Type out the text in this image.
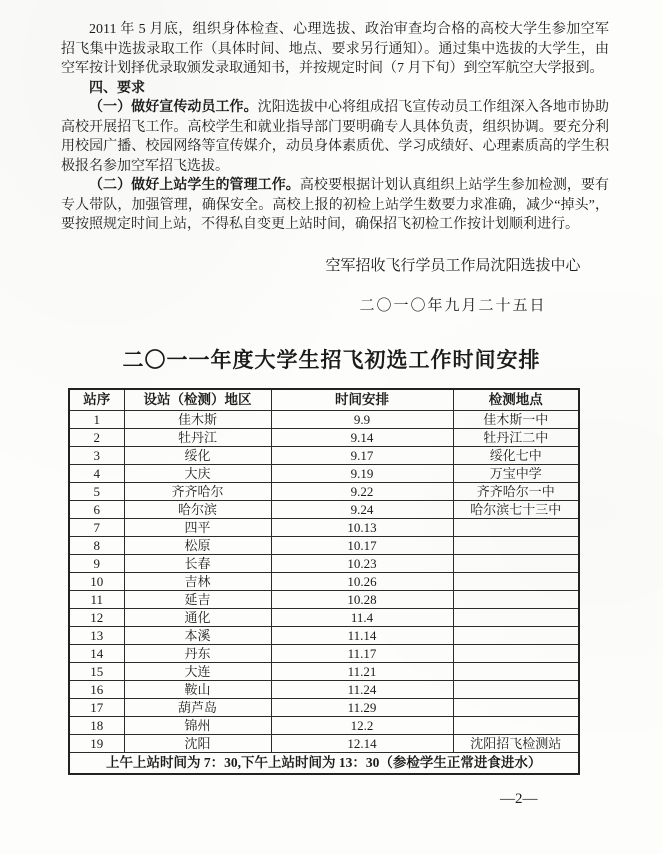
2011 年 5 月底，组织身体检查、心理选拔、政治审查均合格的高校大学生参加空军招飞集中选拔录取工作（具体时间、地点、要求另行通知）。通过集中选拔的大学生，由空军按计划择优录取颁发录取通知书，并按规定时间（7 月下旬）到空军航空大学报到。

四、要求

（一）做好宣传动员工作。沈阳选拔中心将组成招飞宣传动员工作组深入各地市协助高校开展招飞工作。高校学生和就业指导部门要明确专人具体负责，组织协调。要充分利用校园广播、校园网络等宣传媒介，动员身体素质优、学习成绩好、心理素质高的学生积极报名参加空军招飞选拔。

（二）做好上站学生的管理工作。高校要根据计划认真组织上站学生参加检测，要有专人带队，加强管理，确保安全。高校上报的初检上站学生数要力求准确，减少“掉头”，要按照规定时间上站，不得私自变更上站时间，确保招飞初检工作按计划顺利进行。

空军招收飞行学员工作局沈阳选拔中心

二〇一〇年九月二十五日

二〇一一年度大学生招飞初选工作时间安排
站序	设站（检测）地区	时间安排	检测地点
1	佳木斯	9.9	佳木斯一中
2	牡丹江	9.14	牡丹江二中
3	绥化	9.17	绥化七中
4	大庆	9.19	万宝中学
5	齐齐哈尔	9.22	齐齐哈尔一中
6	哈尔滨	9.24	哈尔滨七十三中
7	四平	10.13	
8	松原	10.17	
9	长春	10.23	
10	吉林	10.26	
11	延吉	10.28	
12	通化	11.4	
13	本溪	11.14	
14	丹东	11.17	
15	大连	11.21	
16	鞍山	11.24	
17	葫芦岛	11.29	
18	锦州	12.2	
19	沈阳	12.14	沈阳招飞检测站
上午上站时间为 7：30,下午上站时间为 13：30（参检学生正常进食进水）			
—2—
